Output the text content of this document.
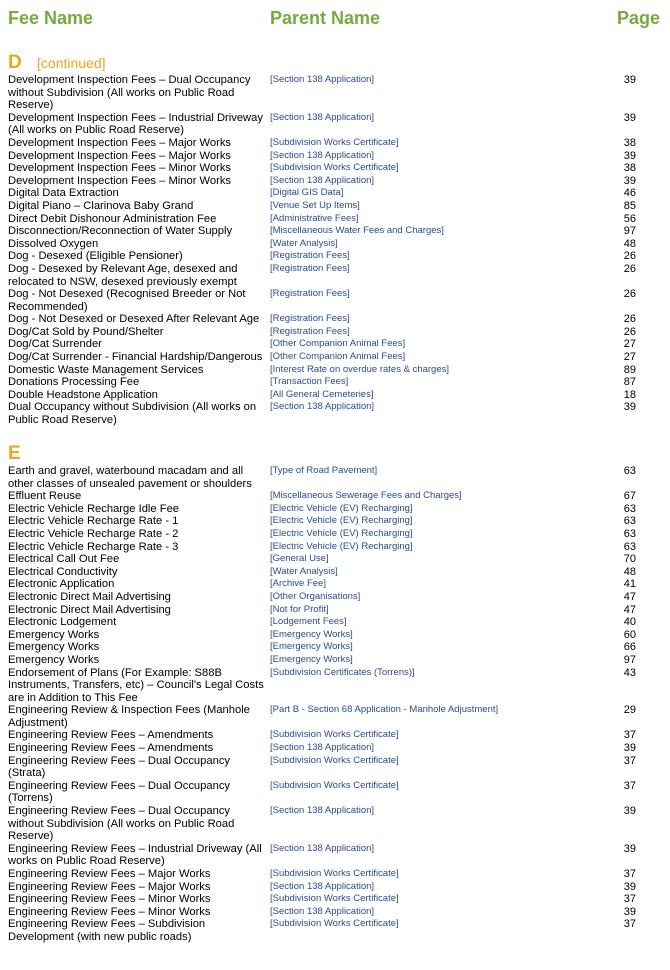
Fee Name	Parent Name	Page
D [continued]
Development Inspection Fees – Dual Occupancy without Subdivision (All works on Public Road Reserve)
[Section 138 Application]	39
Development Inspection Fees – Industrial Driveway (All works on Public Road Reserve)
[Section 138 Application]	39
Development Inspection Fees – Major Works	[Subdivision Works Certificate]	38
Development Inspection Fees – Major Works	[Section 138 Application]	39
Development Inspection Fees – Minor Works	[Subdivision Works Certificate]	38
Development Inspection Fees – Minor Works	[Section 138 Application]	39
Digital Data Extraction	[Digital GIS Data]	46
Digital Piano – Clarinova Baby Grand	[Venue Set Up Items]	85
Direct Debit Dishonour Administration Fee	[Administrative Fees]	56
Disconnection/Reconnection of Water Supply	[Miscellaneous Water Fees and Charges]	97
Dissolved Oxygen	[Water Analysis]	48
Dog - Desexed (Eligible Pensioner)	[Registration Fees]	26
Dog - Desexed by Relevant Age, desexed and relocated to NSW, desexed previously exempt
[Registration Fees]	26
Dog - Not Desexed (Recognised Breeder or Not Recommended)
[Registration Fees]	26
Dog - Not Desexed or Desexed After Relevant Age	[Registration Fees]	26
Dog/Cat Sold by Pound/Shelter	[Registration Fees]	26
Dog/Cat Surrender	[Other Companion Animal Fees]	27
Dog/Cat Surrender - Financial Hardship/Dangerous [Other Companion Animal Fees]	27
Domestic Waste Management Services	[Interest Rate on overdue rates & charges]	89
Donations Processing Fee	[Transaction Fees]	87
Double Headstone Application	[All General Cemeteries]	18
Dual Occupancy without Subdivision (All works on Public Road Reserve)
[Section 138 Application]	39
E
Earth and gravel, waterbound macadam and all other classes of unsealed pavement or shoulders
[Type of Road Pavement]	63
Effluent Reuse	[Miscellaneous Sewerage Fees and Charges]	67
Electric Vehicle Recharge Idle Fee	[Electric Vehicle (EV) Recharging]	63
Electric Vehicle Recharge Rate - 1	[Electric Vehicle (EV) Recharging]	63
Electric Vehicle Recharge Rate - 2	[Electric Vehicle (EV) Recharging]	63
Electric Vehicle Recharge Rate - 3	[Electric Vehicle (EV) Recharging]	63
Electrical Call Out Fee	[General Use]	70
Electrical Conductivity	[Water Analysis]	48
Electronic Application	[Archive Fee]	41
Electronic Direct Mail Advertising	[Other Organisations]	47
Electronic Direct Mail Advertising	[Not for Profit]	47
Electronic Lodgement	[Lodgement Fees]	40
Emergency Works	[Emergency Works]	60
Emergency Works	[Emergency Works]	66
Emergency Works	[Emergency Works]	97
Endorsement of Plans (For Example: S88B Instruments, Transfers, etc) – Council's Legal Costs are in Addition to This Fee
[Subdivision Certificates (Torrens)]	43
Engineering Review & Inspection Fees (Manhole Adjustment)
[Part B - Section 68 Application - Manhole Adjustment]	29
Engineering Review Fees – Amendments	[Subdivision Works Certificate]	37
Engineering Review Fees – Amendments	[Section 138 Application]	39
Engineering Review Fees – Dual Occupancy (Strata)
[Subdivision Works Certificate]	37
Engineering Review Fees – Dual Occupancy (Torrens)
[Subdivision Works Certificate]	37
Engineering Review Fees – Dual Occupancy without Subdivision (All works on Public Road Reserve)
[Section 138 Application]	39
Engineering Review Fees – Industrial Driveway (All works on Public Road Reserve)
[Section 138 Application]	39
Engineering Review Fees – Major Works	[Subdivision Works Certificate]	37
Engineering Review Fees – Major Works	[Section 138 Application]	39
Engineering Review Fees – Minor Works	[Subdivision Works Certificate]	37
Engineering Review Fees – Minor Works	[Section 138 Application]	39
Engineering Review Fees – Subdivision Development (with new public roads)
[Subdivision Works Certificate]	37
